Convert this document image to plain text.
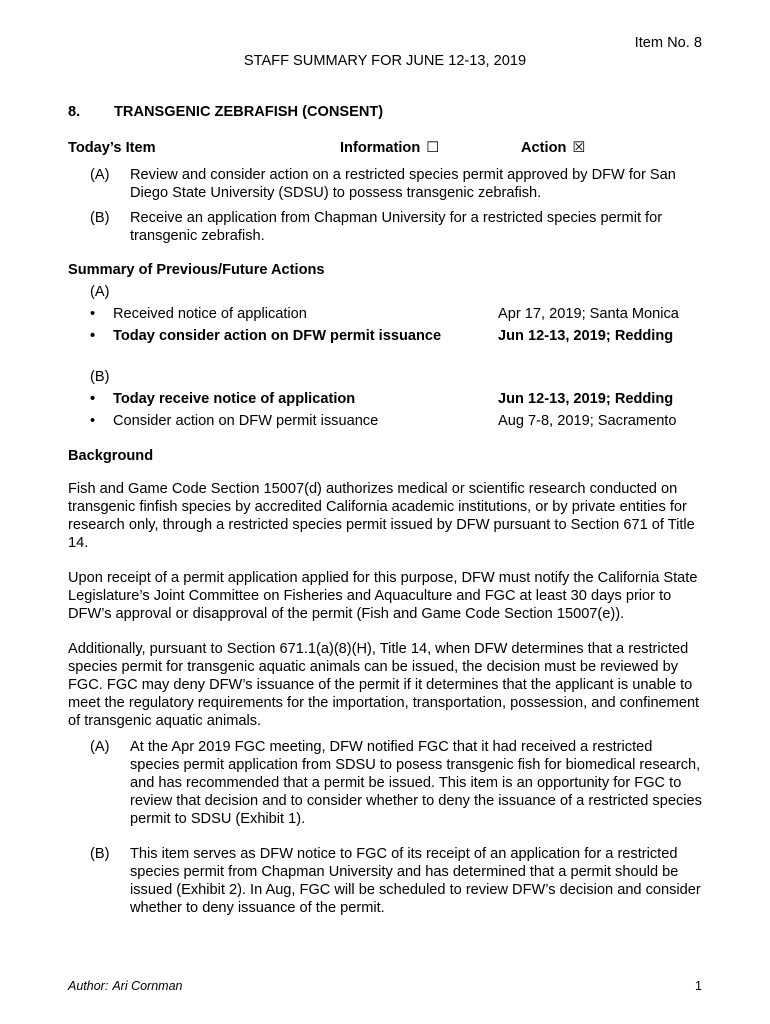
Item No. 8
STAFF SUMMARY FOR JUNE 12-13, 2019
8. TRANSGENIC ZEBRAFISH (CONSENT)
Today’s Item	Information ☐	Action ☒
(A) Review and consider action on a restricted species permit approved by DFW for San Diego State University (SDSU) to possess transgenic zebrafish.
(B) Receive an application from Chapman University for a restricted species permit for transgenic zebrafish.
Summary of Previous/Future Actions
(A)
• Received notice of application	Apr 17, 2019; Santa Monica
• Today consider action on DFW permit issuance	Jun 12-13, 2019; Redding
(B)
• Today receive notice of application	Jun 12-13, 2019; Redding
• Consider action on DFW permit issuance	Aug 7-8, 2019; Sacramento
Background
Fish and Game Code Section 15007(d) authorizes medical or scientific research conducted on transgenic finfish species by accredited California academic institutions, or by private entities for research only, through a restricted species permit issued by DFW pursuant to Section 671 of Title 14.
Upon receipt of a permit application applied for this purpose, DFW must notify the California State Legislature’s Joint Committee on Fisheries and Aquaculture and FGC at least 30 days prior to DFW’s approval or disapproval of the permit (Fish and Game Code Section 15007(e)).
Additionally, pursuant to Section 671.1(a)(8)(H), Title 14, when DFW determines that a restricted species permit for transgenic aquatic animals can be issued, the decision must be reviewed by FGC. FGC may deny DFW’s issuance of the permit if it determines that the applicant is unable to meet the regulatory requirements for the importation, transportation, possession, and confinement of transgenic aquatic animals.
(A) At the Apr 2019 FGC meeting, DFW notified FGC that it had received a restricted species permit application from SDSU to posess transgenic fish for biomedical research, and has recommended that a permit be issued. This item is an opportunity for FGC to review that decision and to consider whether to deny the issuance of a restricted species permit to SDSU (Exhibit 1).
(B) This item serves as DFW notice to FGC of its receipt of an application for a restricted species permit from Chapman University and has determined that a permit should be issued (Exhibit 2). In Aug, FGC will be scheduled to review DFW’s decision and consider whether to deny issuance of the permit.
Author: Ari Cornman	1
